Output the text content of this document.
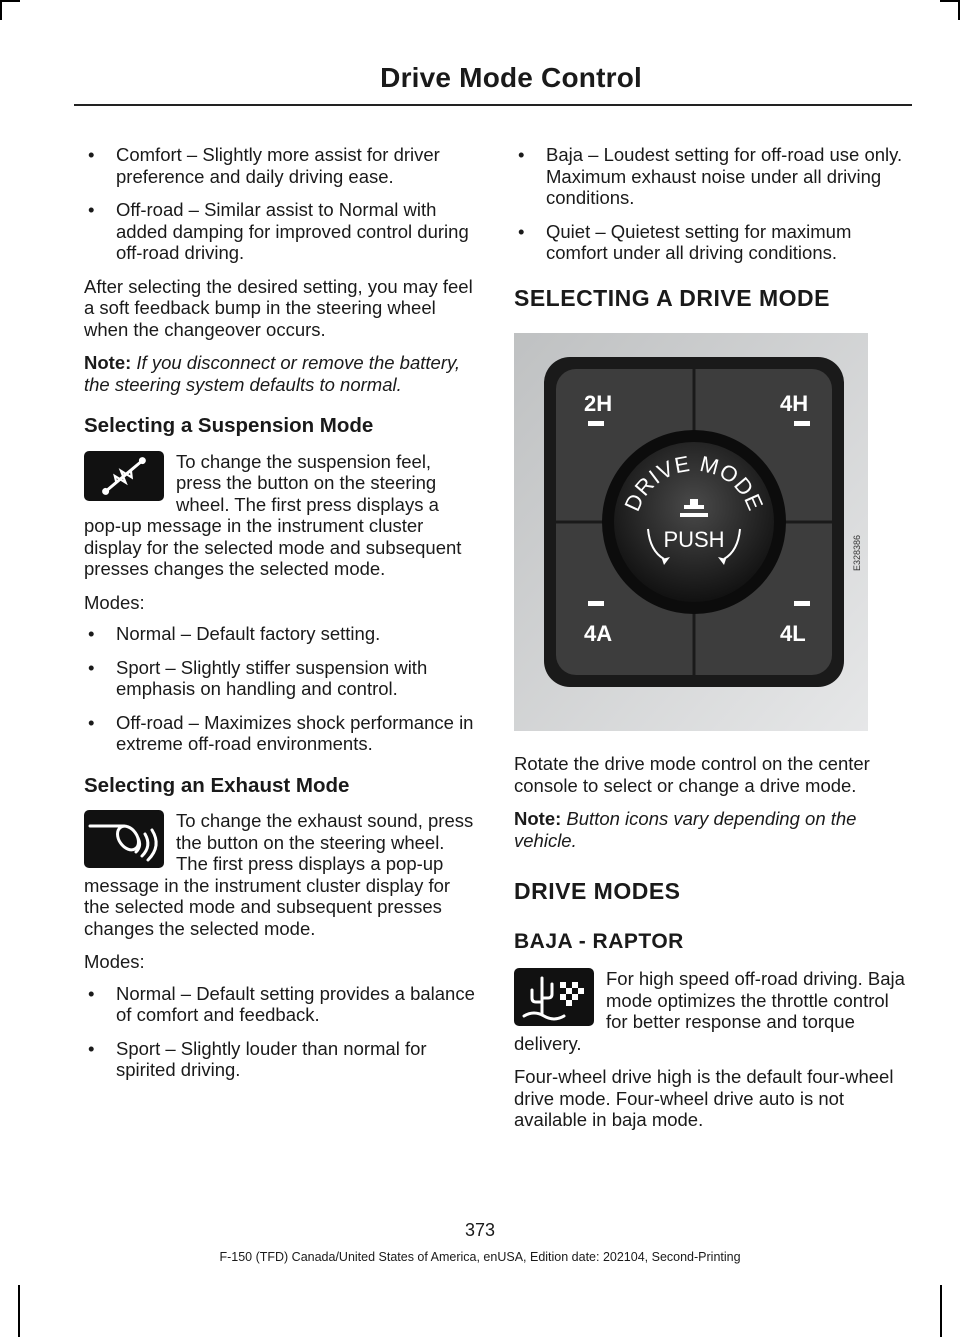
Drive Mode Control
• Comfort – Slightly more assist for driver preference and daily driving ease.
• Off-road – Similar assist to Normal with added damping for improved control during off-road driving.

After selecting the desired setting, you may feel a soft feedback bump in the steering wheel when the changeover occurs.

Note: If you disconnect or remove the battery, the steering system defaults to normal.

Selecting a Suspension Mode
To change the suspension feel, press the button on the steering wheel. The first press displays a pop-up message in the instrument cluster display for the selected mode and subsequent presses changes the selected mode.

Modes:

• Normal – Default factory setting.
• Sport – Slightly stiffer suspension with emphasis on handling and control.
• Off-road – Maximizes shock performance in extreme off-road environments.
Selecting an Exhaust Mode
To change the exhaust sound, press the button on the steering wheel. The first press displays a pop-up message in the instrument cluster display for the selected mode and subsequent presses changes the selected mode.

Modes:

• Normal – Default setting provides a balance of comfort and feedback.
• Sport – Slightly louder than normal for spirited driving.
• Baja – Loudest setting for off-road use only. Maximum exhaust noise under all driving conditions.
• Quiet – Quietest setting for maximum comfort under all driving conditions.
SELECTING A DRIVE MODE
2H	4H
4A	4L
DRIVE MODE
PUSH	E328386

Rotate the drive mode control on the center console to select or change a drive mode.

Note: Button icons vary depending on the vehicle.

DRIVE MODES
BAJA - RAPTOR
For high speed off-road driving. Baja mode optimizes the throttle control for better response and torque delivery.

Four-wheel drive high is the default four-wheel drive mode. Four-wheel drive auto is not available in baja mode.

373
F-150 (TFD) Canada/United States of America, enUSA, Edition date: 202104, Second-Printing
